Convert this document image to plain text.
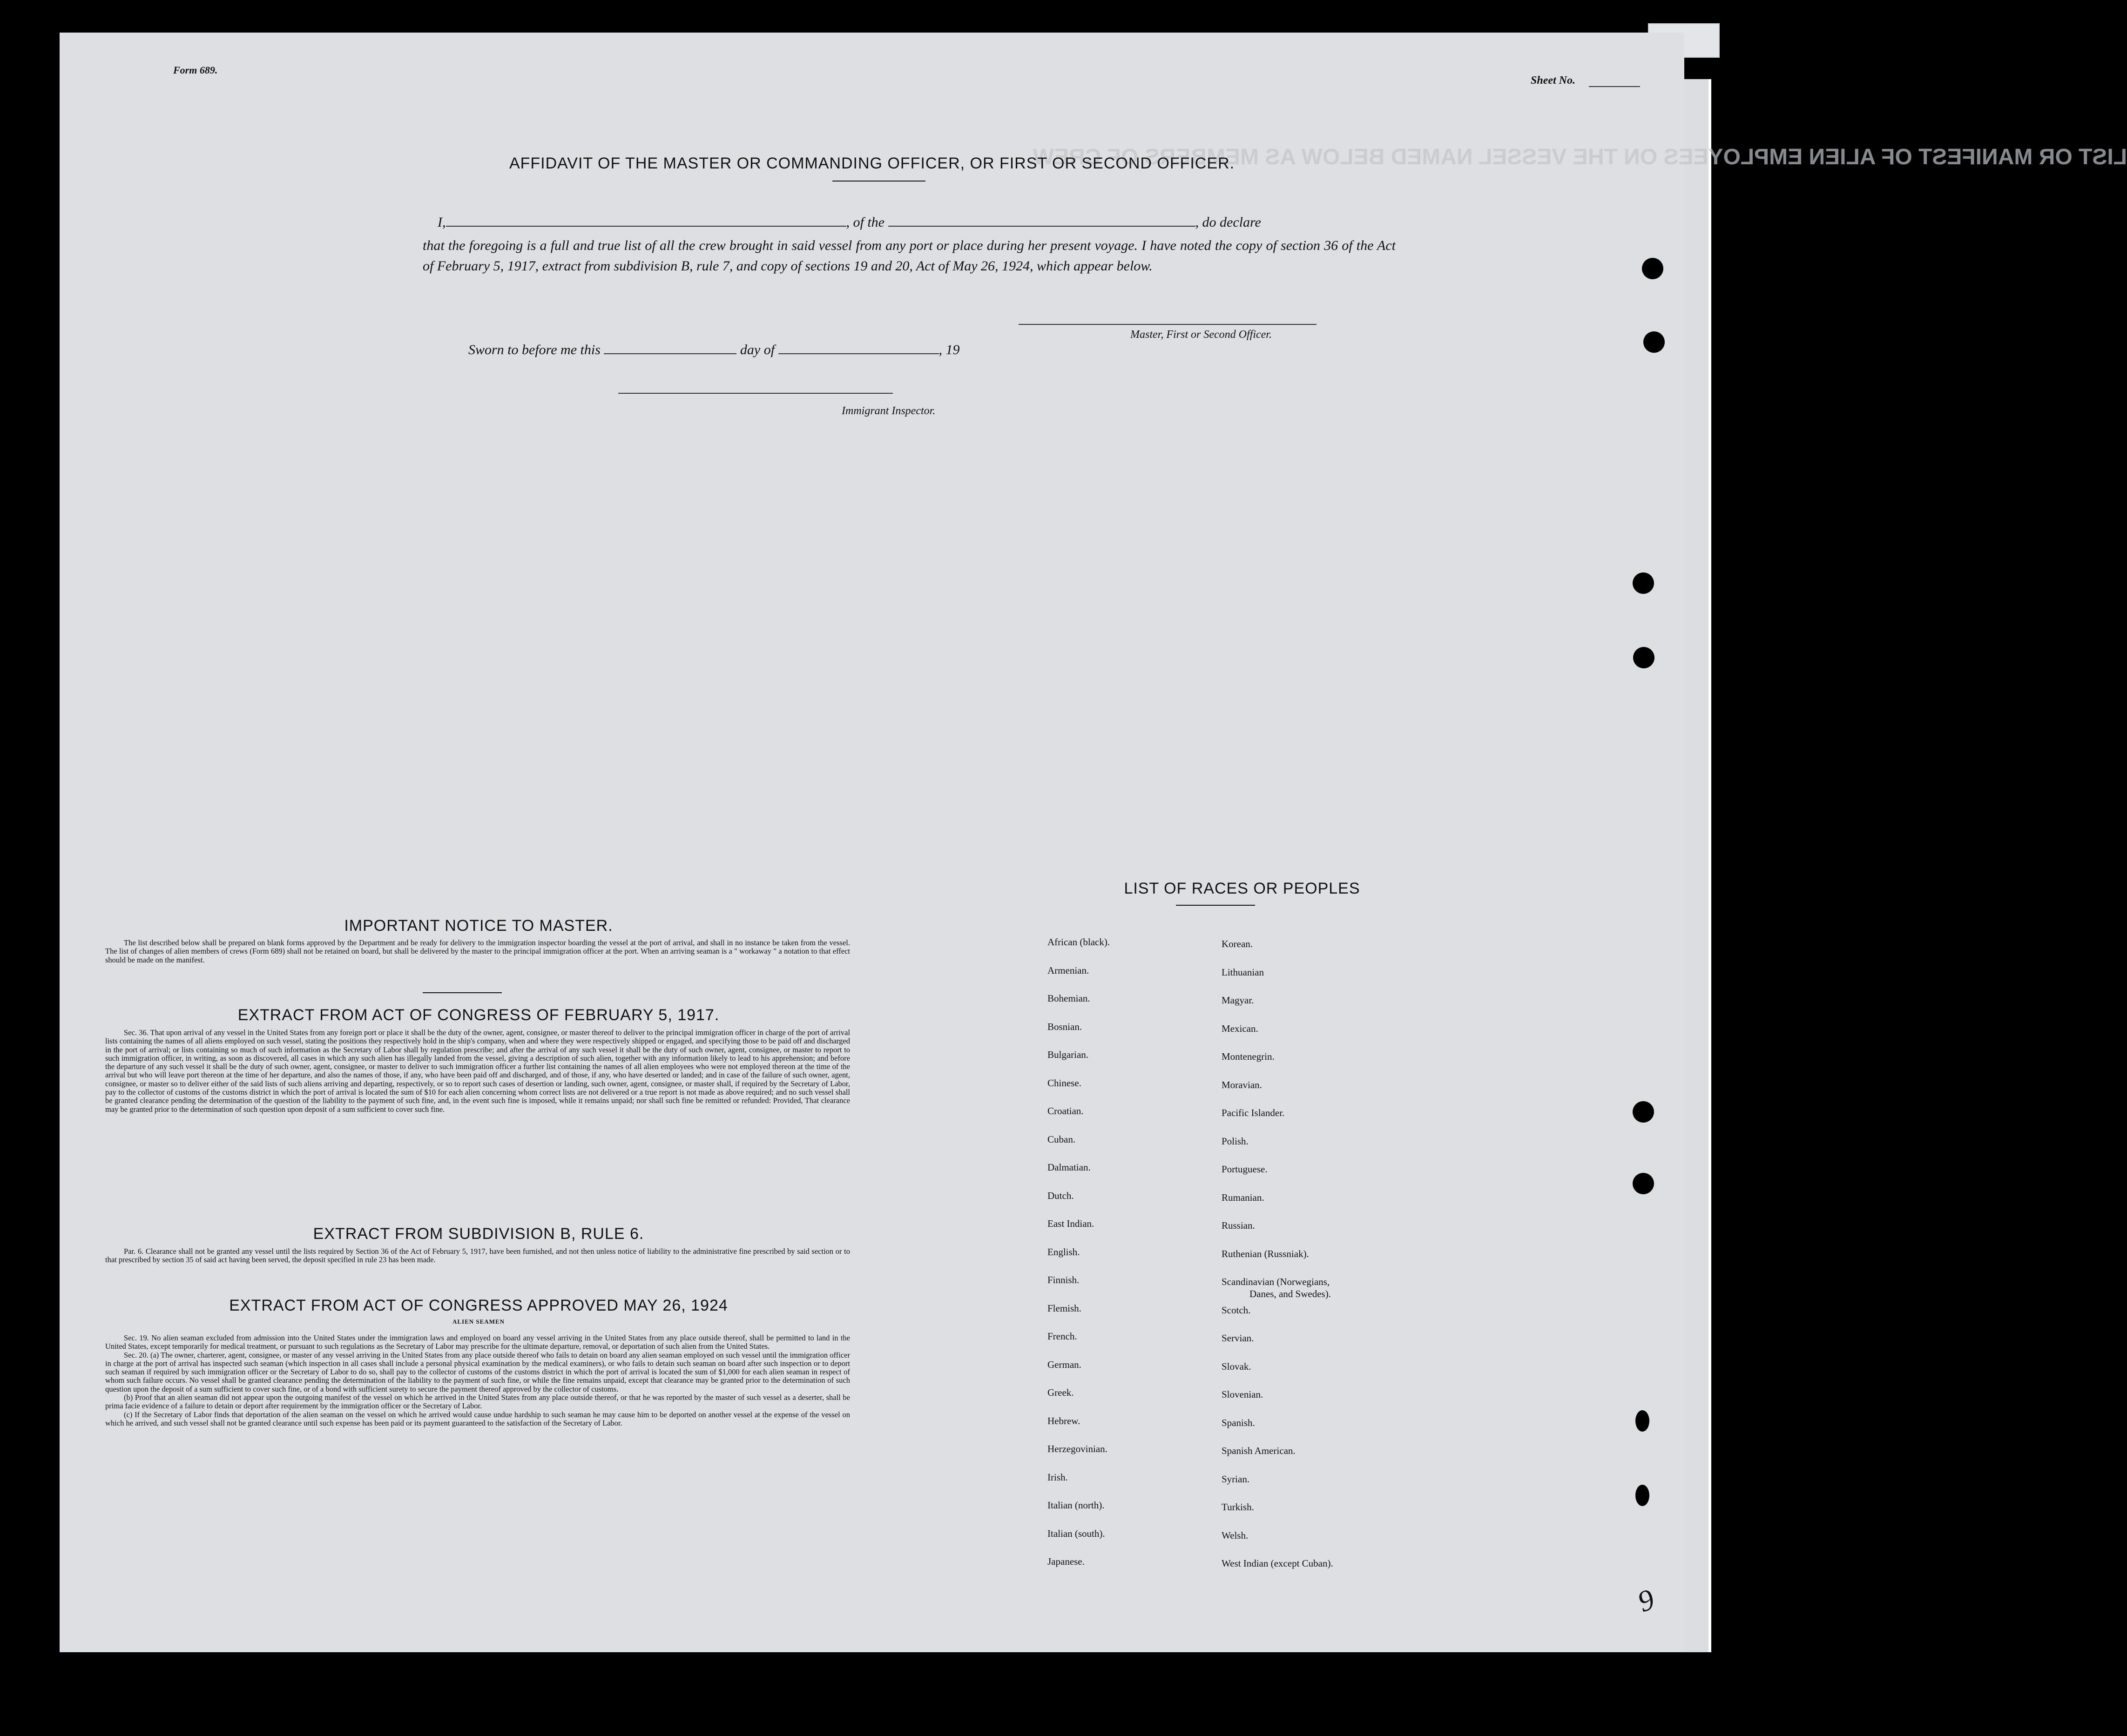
LIST OR MANIFEST OF ALIEN EMPLOYEES ON THE VESSEL NAMED BELOW AS MEMBERS OF CREW.
Form 689.
Sheet No.
AFFIDAVIT OF THE MASTER OR COMMANDING OFFICER, OR FIRST OR SECOND OFFICER.
I,	, of the	, do declare
that the foregoing is a full and true list of all the crew brought in said vessel from any port or place during her present voyage. I have noted the copy of section 36 of the Act of February 5, 1917, extract from subdivision B, rule 7, and copy of sections 19 and 20, Act of May 26, 1924, which appear below.
Master, First or Second Officer.
Sworn to before me this	day of	, 19
Immigrant Inspector.
IMPORTANT NOTICE TO MASTER.

The list described below shall be prepared on blank forms approved by the Department and be ready for delivery to the immigration inspector boarding the vessel at the port of arrival, and shall in no instance be taken from the vessel. The list of changes of alien members of crews (Form 689) shall not be retained on board, but shall be delivered by the master to the principal immigration officer at the port. When an arriving seaman is a " workaway " a notation to that effect should be made on the manifest.

EXTRACT FROM ACT OF CONGRESS OF FEBRUARY 5, 1917.

Sec. 36. That upon arrival of any vessel in the United States from any foreign port or place it shall be the duty of the owner, agent, consignee, or master thereof to deliver to the principal immigration officer in charge of the port of arrival lists containing the names of all aliens employed on such vessel, stating the positions they respectively hold in the ship's company, when and where they were respectively shipped or engaged, and specifying those to be paid off and discharged in the port of arrival; or lists containing so much of such information as the Secretary of Labor shall by regulation prescribe; and after the arrival of any such vessel it shall be the duty of such owner, agent, consignee, or master to report to such immigration officer, in writing, as soon as discovered, all cases in which any such alien has illegally landed from the vessel, giving a description of such alien, together with any information likely to lead to his apprehension; and before the departure of any such vessel it shall be the duty of such owner, agent, consignee, or master to deliver to such immigration officer a further list containing the names of all alien employees who were not employed thereon at the time of the arrival but who will leave port thereon at the time of her departure, and also the names of those, if any, who have been paid off and discharged, and of those, if any, who have deserted or landed; and in case of the failure of such owner, agent, consignee, or master so to deliver either of the said lists of such aliens arriving and departing, respectively, or so to report such cases of desertion or landing, such owner, agent, consignee, or master shall, if required by the Secretary of Labor, pay to the collector of customs of the customs district in which the port of arrival is located the sum of $10 for each alien concerning whom correct lists are not delivered or a true report is not made as above required; and no such vessel shall be granted clearance pending the determination of the question of the liability to the payment of such fine, and, in the event such fine is imposed, while it remains unpaid; nor shall such fine be remitted or refunded: Provided, That clearance may be granted prior to the determination of such question upon deposit of a sum sufficient to cover such fine.

EXTRACT FROM SUBDIVISION B, RULE 6.

Par. 6. Clearance shall not be granted any vessel until the lists required by Section 36 of the Act of February 5, 1917, have been furnished, and not then unless notice of liability to the administrative fine prescribed by said section or to that prescribed by section 35 of said act having been served, the deposit specified in rule 23 has been made.

EXTRACT FROM ACT OF CONGRESS APPROVED MAY 26, 1924
ALIEN SEAMEN

Sec. 19. No alien seaman excluded from admission into the United States under the immigration laws and employed on board any vessel arriving in the United States from any place outside thereof, shall be permitted to land in the United States, except temporarily for medical treatment, or pursuant to such regulations as the Secretary of Labor may prescribe for the ultimate departure, removal, or deportation of such alien from the United States.

Sec. 20. (a) The owner, charterer, agent, consignee, or master of any vessel arriving in the United States from any place outside thereof who fails to detain on board any alien seaman employed on such vessel until the immigration officer in charge at the port of arrival has inspected such seaman (which inspection in all cases shall include a personal physical examination by the medical examiners), or who fails to detain such seaman on board after such inspection or to deport such seaman if required by such immigration officer or the Secretary of Labor to do so, shall pay to the collector of customs of the customs district in which the port of arrival is located the sum of $1,000 for each alien seaman in respect of whom such failure occurs. No vessel shall be granted clearance pending the determination of the liability to the payment of such fine, or while the fine remains unpaid, except that clearance may be granted prior to the determination of such question upon the deposit of a sum sufficient to cover such fine, or of a bond with sufficient surety to secure the payment thereof approved by the collector of customs.

(b) Proof that an alien seaman did not appear upon the outgoing manifest of the vessel on which he arrived in the United States from any place outside thereof, or that he was reported by the master of such vessel as a deserter, shall be prima facie evidence of a failure to detain or deport after requirement by the immigration officer or the Secretary of Labor.

(c) If the Secretary of Labor finds that deportation of the alien seaman on the vessel on which he arrived would cause undue hardship to such seaman he may cause him to be deported on another vessel at the expense of the vessel on which he arrived, and such vessel shall not be granted clearance until such expense has been paid or its payment guaranteed to the satisfaction of the Secretary of Labor.

LIST OF RACES OR PEOPLES
African (black).
Armenian.
Bohemian.
Bosnian.
Bulgarian.
Chinese.
Croatian.
Cuban.
Dalmatian.
Dutch.
East Indian.
English.
Finnish.
Flemish.
French.
German.
Greek.
Hebrew.
Herzegovinian.
Irish.
Italian (north).
Italian (south).
Japanese.
Korean.
Lithuanian
Magyar.
Mexican.
Montenegrin.
Moravian.
Pacific Islander.
Polish.
Portuguese.
Rumanian.
Russian.
Ruthenian (Russniak).
Scandinavian (Norwegians,
Danes, and Swedes).
Scotch.
Servian.
Slovak.
Slovenian.
Spanish.
Spanish American.
Syrian.
Turkish.
Welsh.
West Indian (except Cuban).
9
